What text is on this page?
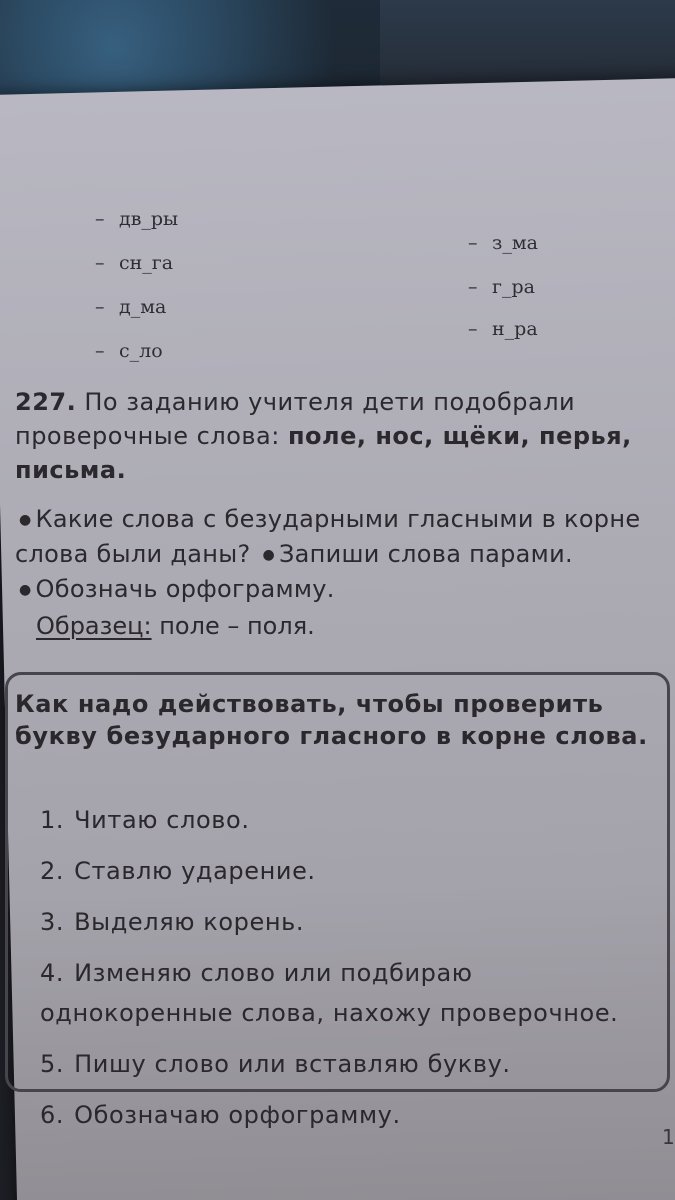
– дв_ры
– сн_га
– д_ма
– с_ло
– з_ма
– г_ра
– н_ра
227. По заданию учителя дети подобрали проверочные слова: поле, нос, щёки, перья, письма.
● Какие слова с безударными гласными в корне слова были даны? ● Запиши слова парами. ● Обозначь орфограмму.
Образец: поле – поля.
Как надо действовать, чтобы проверить букву безударного гласного в корне слова.
1. Читаю слово.
2. Ставлю ударение.
3. Выделяю корень.
4. Изменяю слово или подбираю однокоренные слова, нахожу проверочное.
5. Пишу слово или вставляю букву.
6. Обозначаю орфограмму.
1
